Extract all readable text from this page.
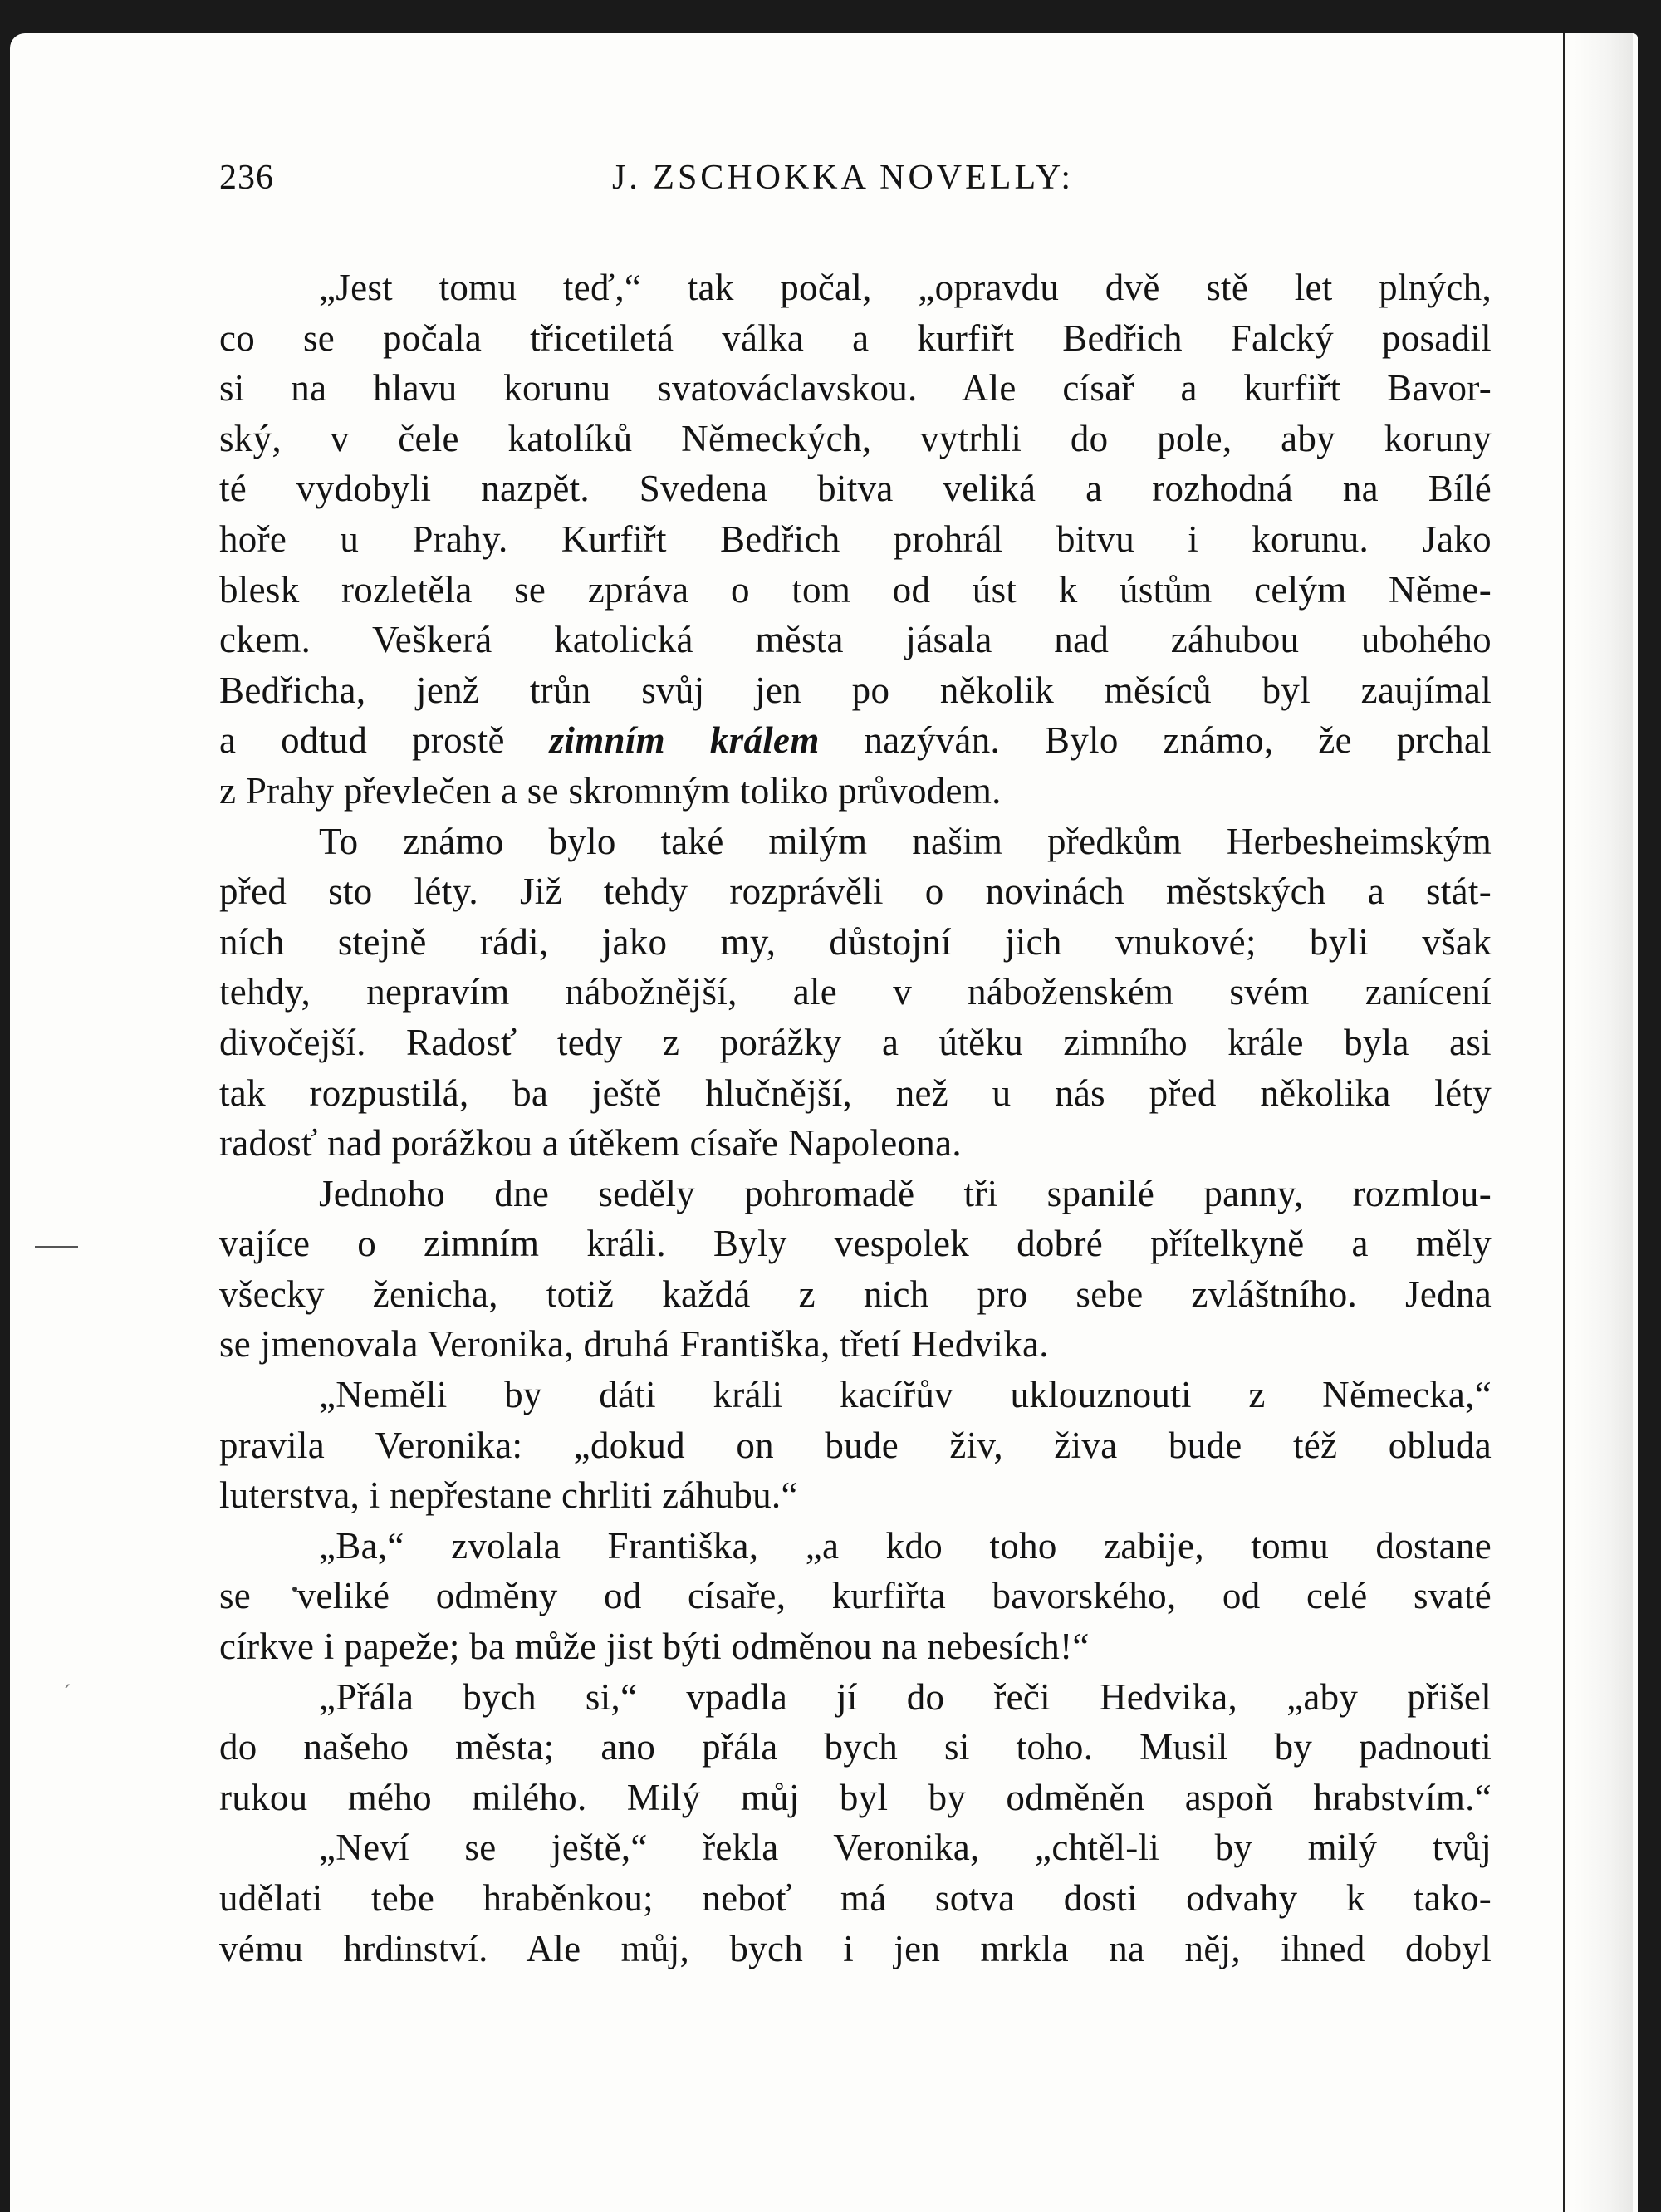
´
236	J. ZSCHOKKA NOVELLY:
„Jest tomu teď,“ tak počal, „opravdu dvě stě let plných,
co se počala třicetiletá válka a kurfiřt Bedřich Falcký posadil
si na hlavu korunu svatováclavskou. Ale císař a kurfiřt Bavor-
ský, v čele katolíků Německých, vytrhli do pole, aby koruny
té vydobyli nazpět. Svedena bitva veliká a rozhodná na Bílé
hoře u Prahy. Kurfiřt Bedřich prohrál bitvu i korunu. Jako
blesk rozletěla se zpráva o tom od úst k ústům celým Něme-
ckem. Veškerá katolická města jásala nad záhubou ubohého
Bedřicha, jenž trůn svůj jen po několik měsíců byl zaujímal
a odtud prostě zimním králem nazýván. Bylo známo, že prchal
z Prahy převlečen a se skromným toliko průvodem.
To známo bylo také milým našim předkům Herbesheimským
před sto léty. Již tehdy rozprávěli o novinách městských a stát-
ních stejně rádi, jako my, důstojní jich vnukové; byli však
tehdy, nepravím nábožnější, ale v náboženském svém zanícení
divočejší. Radosť tedy z porážky a útěku zimního krále byla asi
tak rozpustilá, ba ještě hlučnější, než u nás před několika léty
radosť nad porážkou a útěkem císaře Napoleona.
Jednoho dne seděly pohromadě tři spanilé panny, rozmlou-
vajíce o zimním králi. Byly vespolek dobré přítelkyně a měly
všecky ženicha, totiž každá z nich pro sebe zvláštního. Jedna
se jmenovala Veronika, druhá Františka, třetí Hedvika.
„Neměli by dáti králi kacířův uklouznouti z Německa,“
pravila Veronika: „dokud on bude živ, živa bude též obluda
luterstva, i nepřestane chrliti záhubu.“
„Ba,“ zvolala Františka, „a kdo toho zabije, tomu dostane
se veliké odměny od císaře, kurfiřta bavorského, od celé svaté
církve i papeže; ba může jist býti odměnou na nebesích!“
„Přála bych si,“ vpadla jí do řeči Hedvika, „aby přišel
do našeho města; ano přála bych si toho. Musil by padnouti
rukou mého milého. Milý můj byl by odměněn aspoň hrabstvím.“
„Neví se ještě,“ řekla Veronika, „chtěl-li by milý tvůj
udělati tebe hraběnkou; neboť má sotva dosti odvahy k tako-
vému hrdinství. Ale můj, bych i jen mrkla na něj, ihned dobyl
